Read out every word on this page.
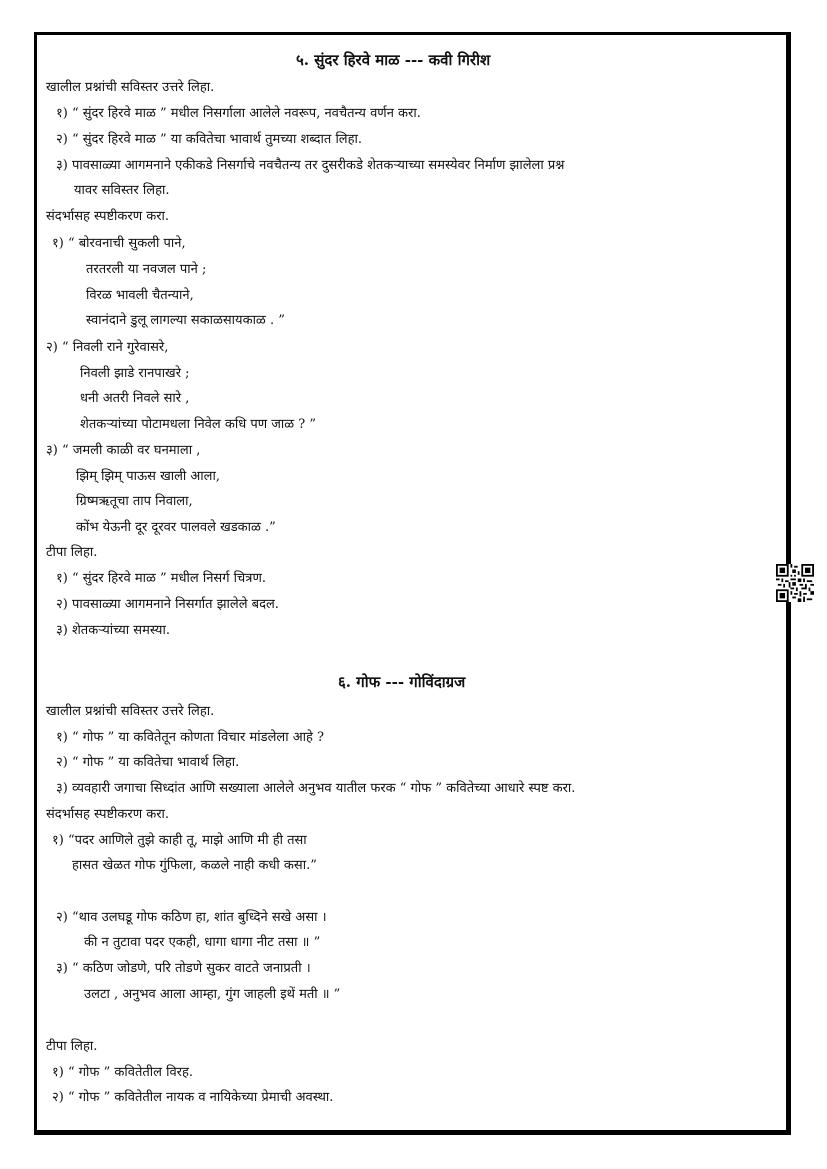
५. सुंदर हिरवे माळ --- कवी गिरीश
खालील प्रश्नांची सविस्तर उत्तरे लिहा.
१) “ सुंदर हिरवे माळ ” मधील निसर्गाला आलेले नवरूप, नवचैतन्य वर्णन करा.
२) “ सुंदर हिरवे माळ ” या कवितेचा भावार्थ तुमच्या शब्दात लिहा.
३) पावसाळ्या आगमनाने एकीकडे निसर्गाचे नवचैतन्य तर दुसरीकडे शेतकऱ्याच्या समस्येवर निर्माण झालेला प्रश्न
यावर सविस्तर लिहा.
संदर्भासह स्पष्टीकरण करा.
१) “ बोरवनाची सुकली पाने,
तरतरली या नवजल पाने ;
विरळ भावली चैतन्याने,
स्वानंदाने डुलू लागल्या सकाळसायकाळ . ”
२) “ निवली राने गुरेवासरे,
निवली झाडे रानपाखरे ;
धनी अतरी निवले सारे ,
शेतकऱ्यांच्या पोटामधला निवेल कधि पण जाळ ? ”
३) “ जमली काळी वर घनमाला ,
झिम् झिम् पाऊस खाली आला,
ग्रिष्मऋतूचा ताप निवाला,
कोंभ येऊनी दूर दूरवर पालवले खडकाळ .”
टीपा लिहा.
१) “ सुंदर हिरवे माळ ” मधील निसर्ग चित्रण.
२) पावसाळ्या आगमनाने निसर्गात झालेले बदल.
३) शेतकऱ्यांच्या समस्या.
६. गोफ --- गोविंदाग्रज
खालील प्रश्नांची सविस्तर उत्तरे लिहा.
१) “ गोफ ” या कवितेतून कोणता विचार मांडलेला आहे ?
२) “ गोफ ” या कवितेचा भावार्थ लिहा.
३) व्यवहारी जगाचा सिध्दांत आणि सख्याला आलेले अनुभव यातील फरक “ गोफ ” कवितेच्या आधारे स्पष्ट करा.
संदर्भासह स्पष्टीकरण करा.
१) “पदर आणिले तुझे काही तू, माझे आणि मी ही तसा
हासत खेळत गोफ गुंफिला, कळले नाही कधी कसा.”
२) “थाव उलघडू गोफ कठिण हा, शांत बुध्दिने सखे असा ।
की न तुटावा पदर एकही, धागा धागा नीट तसा ॥ ”
३) “ कठिण जोडणे, परि तोडणे सुकर वाटते जनाप्रती ।
उलटा , अनुभव आला आम्हा, गुंग जाहली इथें मती ॥ ”
टीपा लिहा.
१) “ गोफ ” कवितेतील विरह.
२) “ गोफ ” कवितेतील नायक व नायिकेच्या प्रेमाची अवस्था.
